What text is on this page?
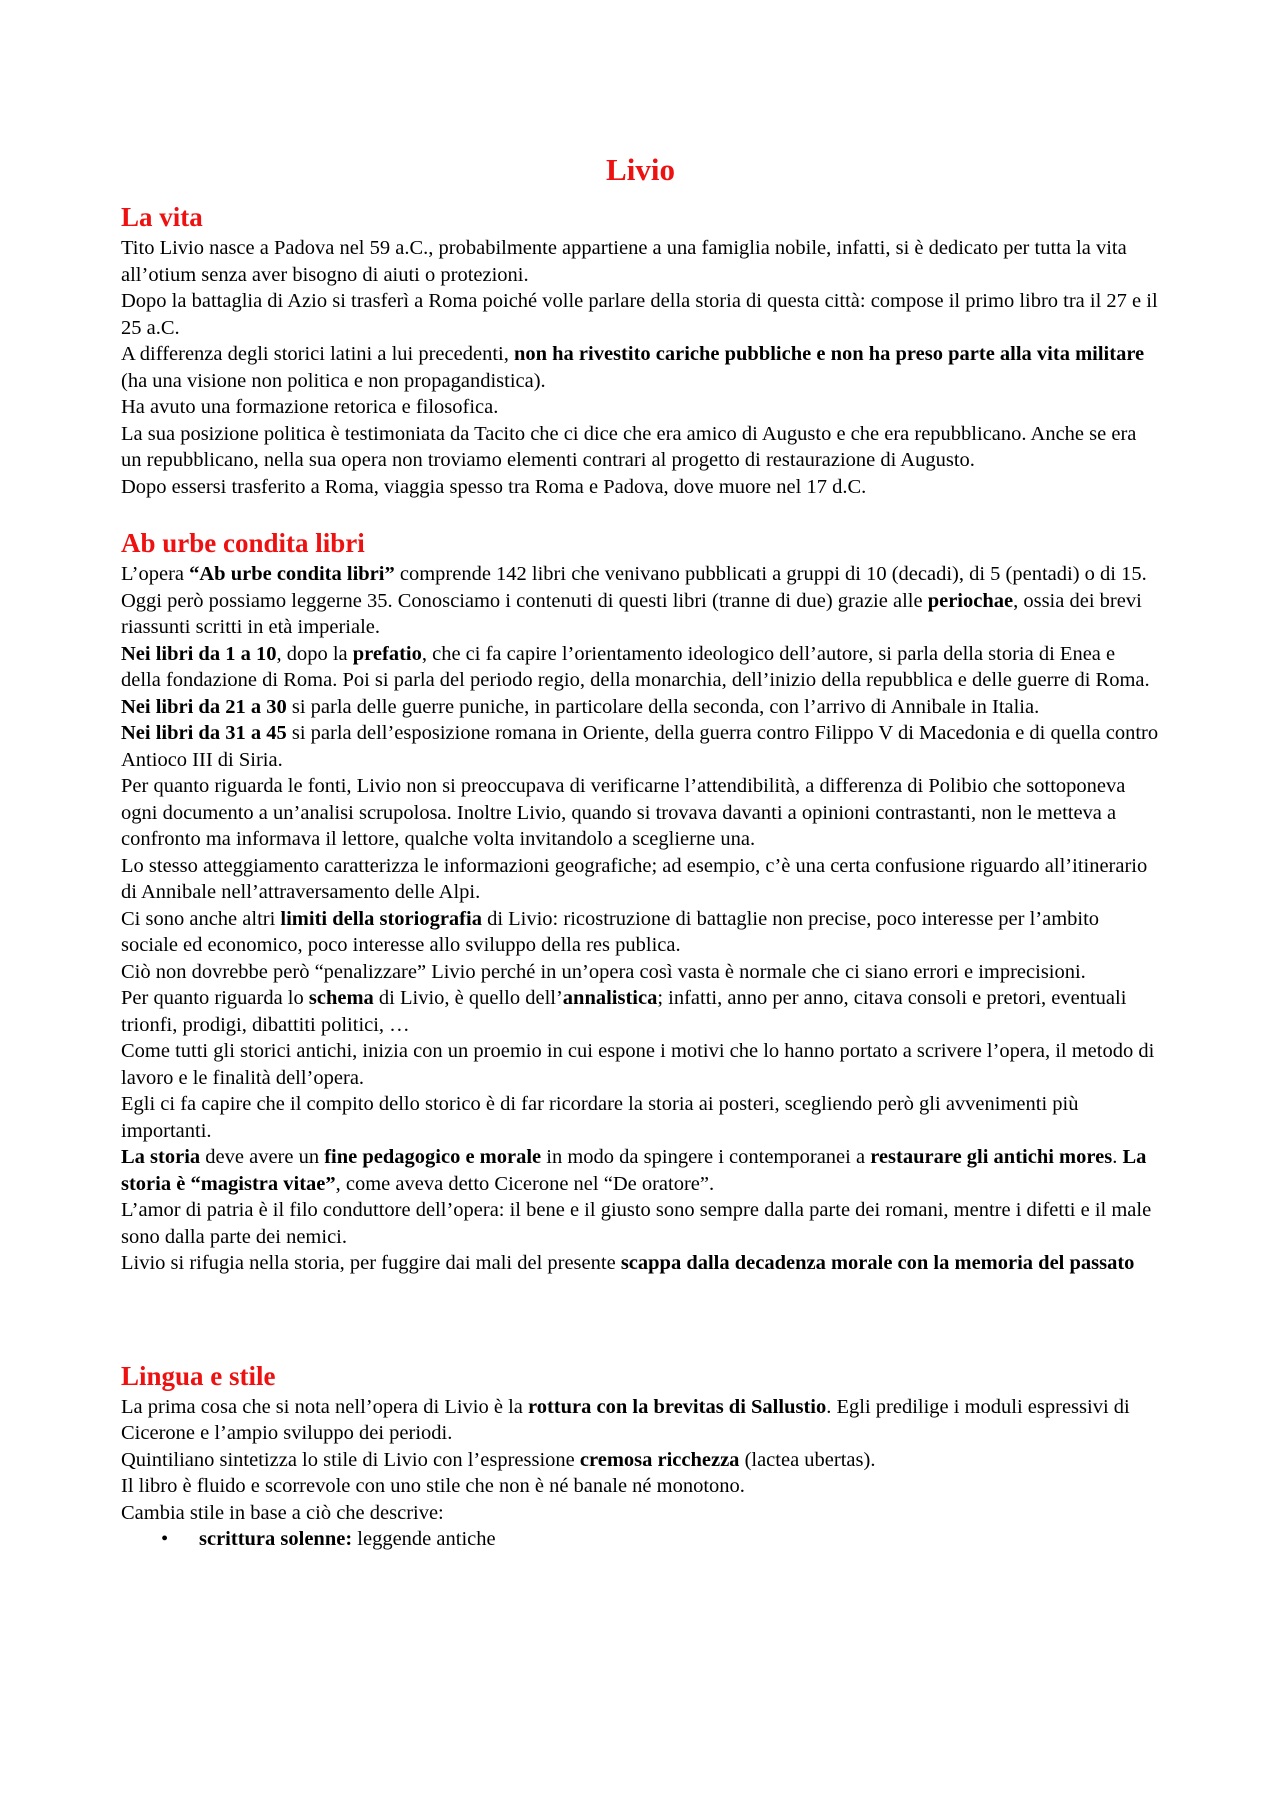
Livio
La vita
Tito Livio nasce a Padova nel 59 a.C., probabilmente appartiene a una famiglia nobile, infatti, si è dedicato per tutta la vita all’otium senza aver bisogno di aiuti o protezioni.
Dopo la battaglia di Azio si trasferì a Roma poiché volle parlare della storia di questa città: compose il primo libro tra il 27 e il 25 a.C.
A differenza degli storici latini a lui precedenti, non ha rivestito cariche pubbliche e non ha preso parte alla vita militare (ha una visione non politica e non propagandistica).
Ha avuto una formazione retorica e filosofica.
La sua posizione politica è testimoniata da Tacito che ci dice che era amico di Augusto e che era repubblicano. Anche se era un repubblicano, nella sua opera non troviamo elementi contrari al progetto di restaurazione di Augusto.
Dopo essersi trasferito a Roma, viaggia spesso tra Roma e Padova, dove muore nel 17 d.C.
Ab urbe condita libri
L’opera “Ab urbe condita libri” comprende 142 libri che venivano pubblicati a gruppi di 10 (decadi), di 5 (pentadi) o di 15. Oggi però possiamo leggerne 35. Conosciamo i contenuti di questi libri (tranne di due) grazie alle periochae, ossia dei brevi riassunti scritti in età imperiale.
Nei libri da 1 a 10, dopo la prefatio, che ci fa capire l’orientamento ideologico dell’autore, si parla della storia di Enea e della fondazione di Roma. Poi si parla del periodo regio, della monarchia, dell’inizio della repubblica e delle guerre di Roma.
Nei libri da 21 a 30 si parla delle guerre puniche, in particolare della seconda, con l’arrivo di Annibale in Italia.
Nei libri da 31 a 45 si parla dell’esposizione romana in Oriente, della guerra contro Filippo V di Macedonia e di quella contro Antioco III di Siria.
Per quanto riguarda le fonti, Livio non si preoccupava di verificarne l’attendibilità, a differenza di Polibio che sottoponeva ogni documento a un’analisi scrupolosa. Inoltre Livio, quando si trovava davanti a opinioni contrastanti, non le metteva a confronto ma informava il lettore, qualche volta invitandolo a sceglierne una.
Lo stesso atteggiamento caratterizza le informazioni geografiche; ad esempio, c’è una certa confusione riguardo all’itinerario di Annibale nell’attraversamento delle Alpi.
Ci sono anche altri limiti della storiografia di Livio: ricostruzione di battaglie non precise, poco interesse per l’ambito sociale ed economico, poco interesse allo sviluppo della res publica.
Ciò non dovrebbe però “penalizzare” Livio perché in un’opera così vasta è normale che ci siano errori e imprecisioni.
Per quanto riguarda lo schema di Livio, è quello dell’annalistica; infatti, anno per anno, citava consoli e pretori, eventuali trionfi, prodigi, dibattiti politici, …
Come tutti gli storici antichi, inizia con un proemio in cui espone i motivi che lo hanno portato a scrivere l’opera, il metodo di lavoro e le finalità dell’opera.
Egli ci fa capire che il compito dello storico è di far ricordare la storia ai posteri, scegliendo però gli avvenimenti più importanti.
La storia deve avere un fine pedagogico e morale in modo da spingere i contemporanei a restaurare gli antichi mores. La storia è “magistra vitae”, come aveva detto Cicerone nel “De oratore”.
L’amor di patria è il filo conduttore dell’opera: il bene e il giusto sono sempre dalla parte dei romani, mentre i difetti e il male sono dalla parte dei nemici.
Livio si rifugia nella storia, per fuggire dai mali del presente scappa dalla decadenza morale con la memoria del passato
Lingua e stile
La prima cosa che si nota nell’opera di Livio è la rottura con la brevitas di Sallustio. Egli predilige i moduli espressivi di Cicerone e l’ampio sviluppo dei periodi.
Quintiliano sintetizza lo stile di Livio con l’espressione cremosa ricchezza (lactea ubertas).
Il libro è fluido e scorrevole con uno stile che non è né banale né monotono.
Cambia stile in base a ciò che descrive:
• scrittura solenne: leggende antiche
